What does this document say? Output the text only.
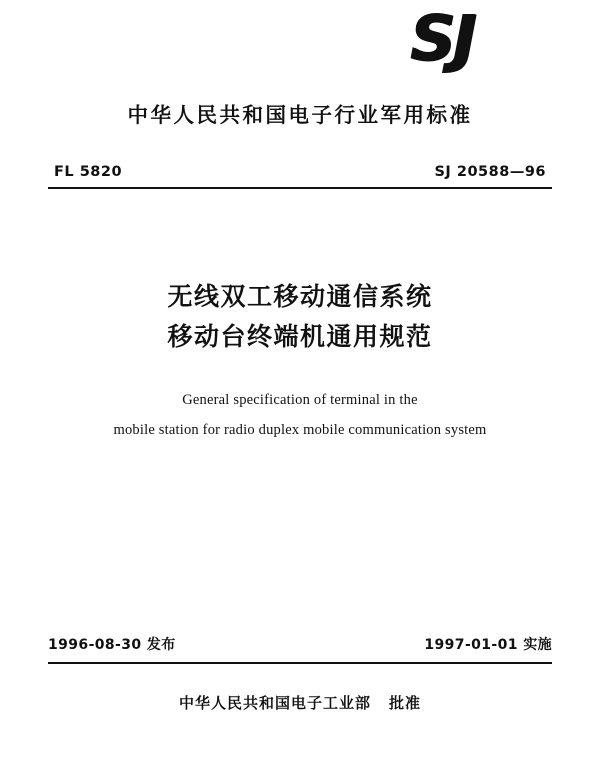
SJ
中华人民共和国电子行业军用标准
FL 5820	SJ 20588—96
无线双工移动通信系统
移动台终端机通用规范
General specification of terminal in the
mobile station for radio duplex mobile communication system
1996-08-30 发布	1997-01-01 实施
中华人民共和国电子工业部 批准
